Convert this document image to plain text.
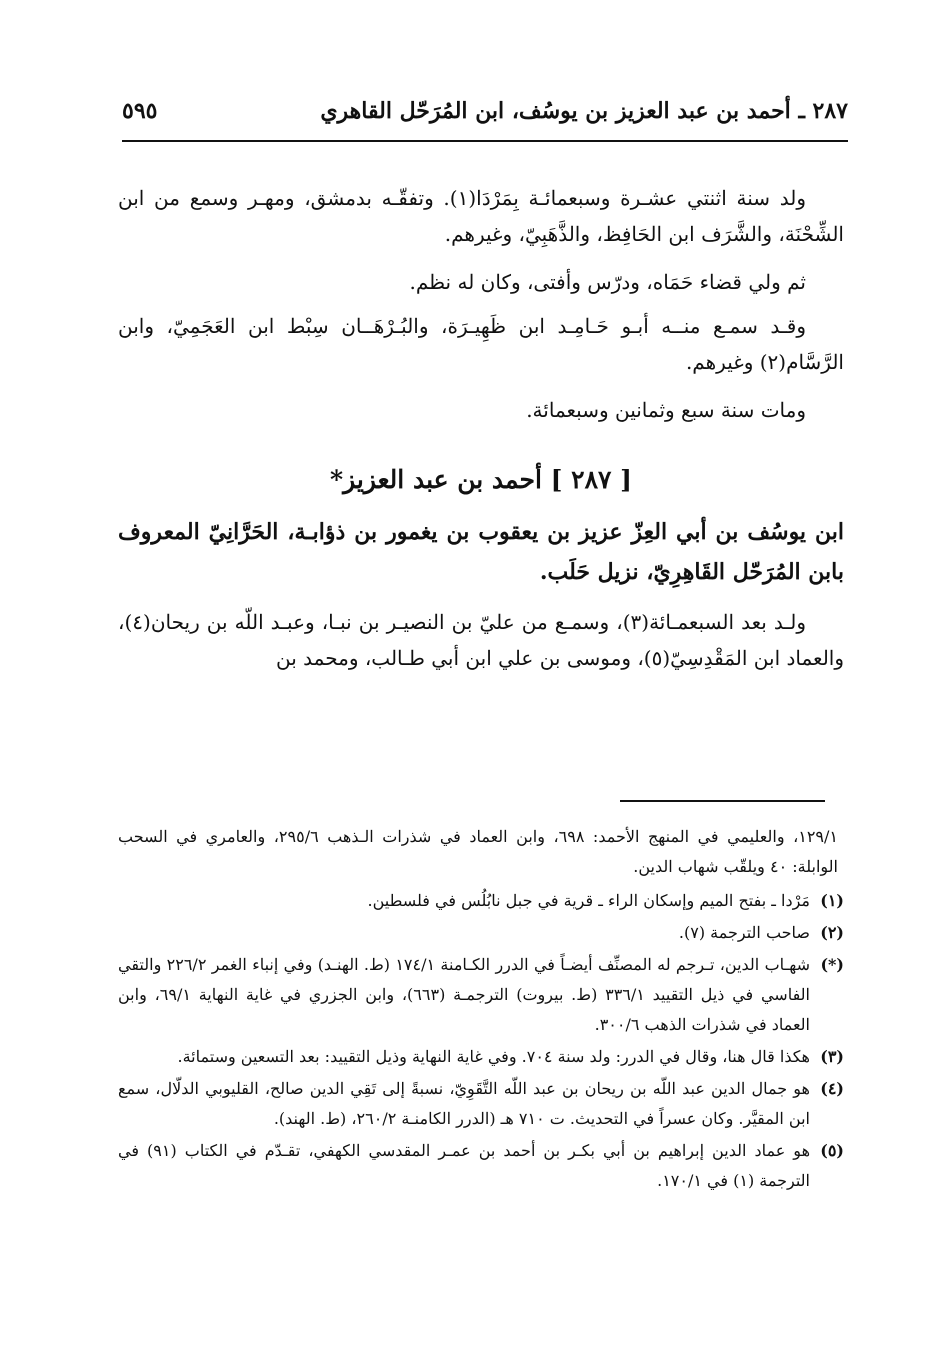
٢٨٧ ـ أحمد بن عبد العزيز بن يوسُف، ابن المُرَحّل القاهري
٥٩٥

ولد سنة اثنتي عشـرة وسبعمائـة بِمَرْدَا(١). وتفقّـه بدمشق، ومهـر وسمع من ابن الشِّحْنَة، والشَّرَف ابن الحَافِظ، والذَّهَبِيّ، وغيرهم.

ثم ولي قضاء حَمَاه، ودرّس وأفتى، وكان له نظم.

وقـد سمـع منــه أبـو حَـامِـد ابن ظَهِيـرَة، والبُـرْهَــان سِبْط ابن العَجَمِيّ، وابن الرَّسَّام(٢) وغيرهم.

ومات سنة سبع وثمانين وسبعمائة.

[ ٢٨٧ ] أحمد بن عبد العزيز*

ابن يوسُف بن أبي العِزّ عزيز بن يعقوب بن يغمور بن ذؤابـة، الحَرَّانِيّ المعروف بابن المُرَحّل القَاهِرِيّ، نزيل حَلَب.

ولـد بعد السبعمـائة(٣)، وسمـع من عليّ بن النصيـر بن نبـا، وعبـد اللّه بن ريحان(٤)، والعماد ابن المَقْدِسِيّ(٥)، وموسى بن علي ابن أبي طـالب، ومحمد بن

١٢٩/١، والعليمي في المنهج الأحمد: ٦٩٨، وابن العماد في شذرات الـذهب ٢٩٥/٦، والعامري في السحب الوابلة: ٤٠ ويلقّب شهاب الدين.
(١)
مَرْدا ـ بفتح الميم وإسكان الراء ـ قرية في جبل نابُلُس في فلسطين.
(٢)
صاحب الترجمة (٧).
(*)
شهـاب الدين، تـرجم له المصنِّف أيضـاً في الدرر الكـامنة ١٧٤/١ (ط. الهنـد) وفي إنباء الغمر ٢٢٦/٢ والتقي الفاسي في ذيل التقييد ٣٣٦/١ (ط. بيروت) الترجمـة (٦٦٣)، وابن الجزري في غاية النهاية ٦٩/١، وابن العماد في شذرات الذهب ٣٠٠/٦.
(٣)
هكذا قال هنا، وقال في الدرر: ولد سنة ٧٠٤. وفي غاية النهاية وذيل التقييد: بعد التسعين وستمائة.
(٤)
هو جمال الدين عبد اللّه بن ريحان بن عبد اللّه التَّقَوِيّ، نسبةً إلى تَقِي الدين صالح، القليوبي الدلّال، سمع ابن المقيَّر. وكان عسراً في التحديث. ت ٧١٠ هـ (الدرر الكامنـة ٢٦٠/٢، (ط. الهند).
(٥)
هو عماد الدين إبراهيم بن أبي بكـر بن أحمد بن عمـر المقدسي الكهفي، تقـدّم في الكتاب (٩١) في الترجمة (١) في ١٧٠/١.
